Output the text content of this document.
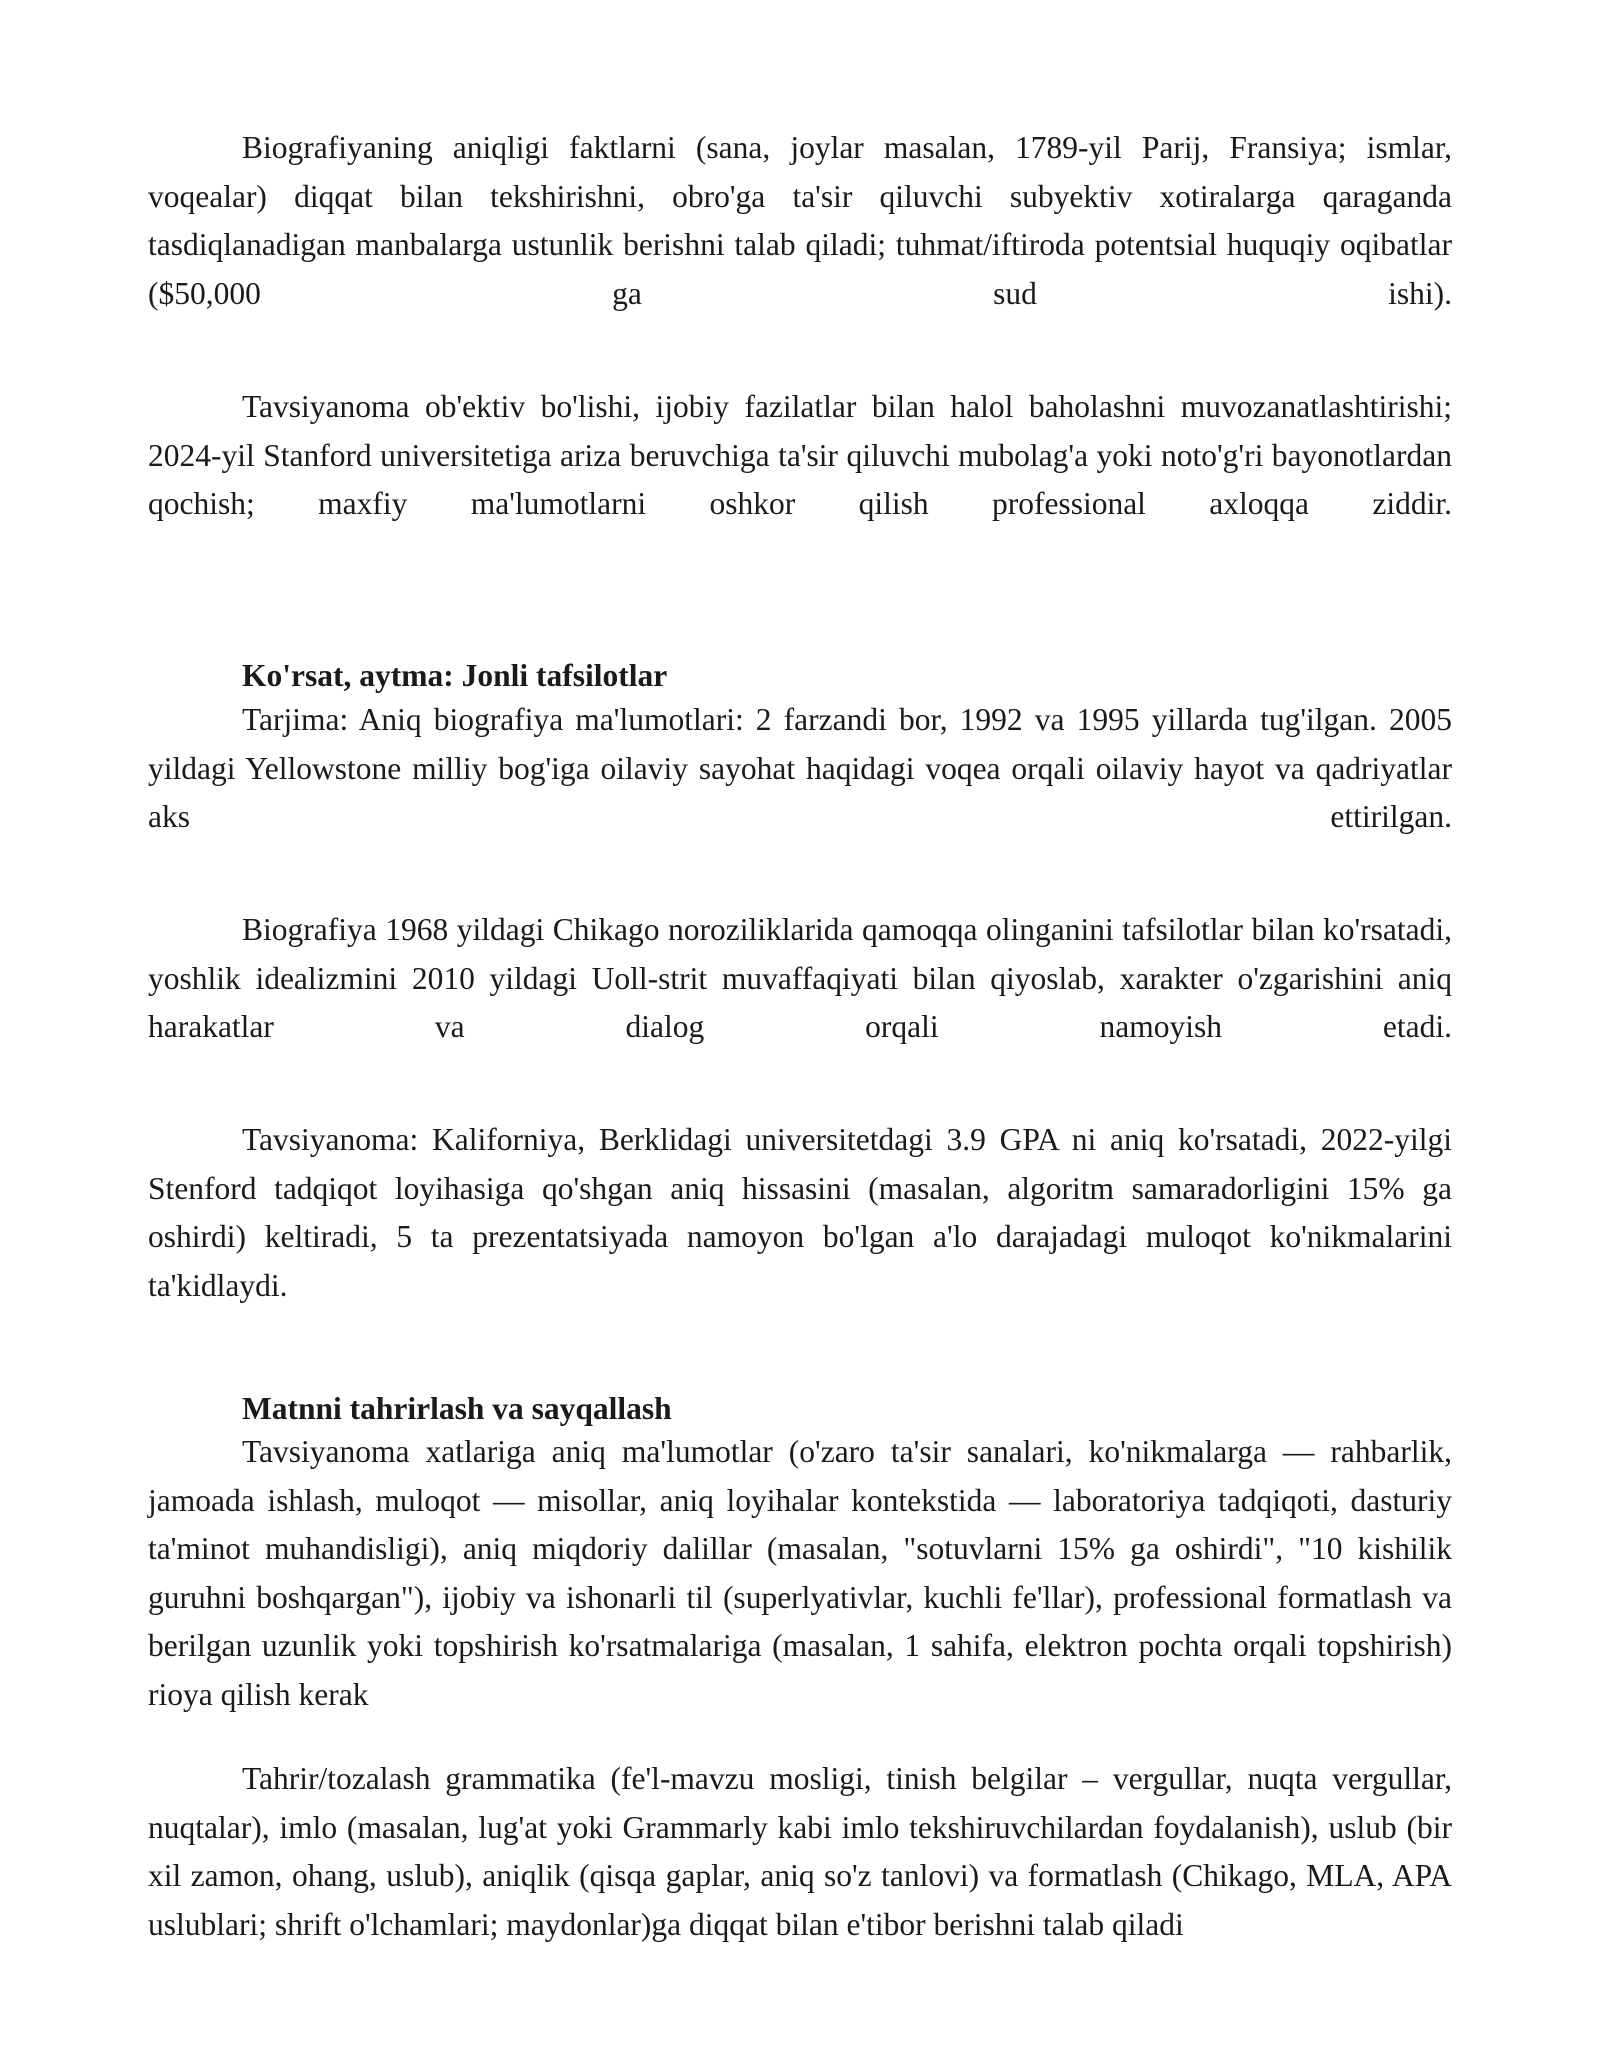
Biografiyaning aniqligi faktlarni (sana, joylar masalan, 1789-yil Parij, Fransiya; ismlar, voqealar) diqqat bilan tekshirishni, obro'ga ta'sir qiluvchi subyektiv xotiralarga qaraganda tasdiqlanadigan manbalarga ustunlik berishni talab qiladi; tuhmat/iftiroda potentsial huquqiy oqibatlar ($50,000 ga sud ishi).

Tavsiyanoma ob'ektiv bo'lishi, ijobiy fazilatlar bilan halol baholashni muvozanatlashtirishi; 2024-yil Stanford universitetiga ariza beruvchiga ta'sir qiluvchi mubolag'a yoki noto'g'ri bayonotlardan qochish; maxfiy ma'lumotlarni oshkor qilish professional axloqqa ziddir.

Ko'rsat, aytma: Jonli tafsilotlar

Tarjima: Aniq biografiya ma'lumotlari: 2 farzandi bor, 1992 va 1995 yillarda tug'ilgan. 2005 yildagi Yellowstone milliy bog'iga oilaviy sayohat haqidagi voqea orqali oilaviy hayot va qadriyatlar aks ettirilgan.

Biografiya 1968 yildagi Chikago noroziliklarida qamoqqa olinganini tafsilotlar bilan ko'rsatadi, yoshlik idealizmini 2010 yildagi Uoll-strit muvaffaqiyati bilan qiyoslab, xarakter o'zgarishini aniq harakatlar va dialog orqali namoyish etadi.

Tavsiyanoma: Kaliforniya, Berklidagi universitetdagi 3.9 GPA ni aniq ko'rsatadi, 2022-yilgi Stenford tadqiqot loyihasiga qo'shgan aniq hissasini (masalan, algoritm samaradorligini 15% ga oshirdi) keltiradi, 5 ta prezentatsiyada namoyon bo'lgan a'lo darajadagi muloqot ko'nikmalarini ta'kidlaydi.

Matnni tahrirlash va sayqallash

Tavsiyanoma xatlariga aniq ma'lumotlar (o'zaro ta'sir sanalari, ko'nikmalarga — rahbarlik, jamoada ishlash, muloqot — misollar, aniq loyihalar kontekstida — laboratoriya tadqiqoti, dasturiy ta'minot muhandisligi), aniq miqdoriy dalillar (masalan, "sotuvlarni 15% ga oshirdi", "10 kishilik guruhni boshqargan"), ijobiy va ishonarli til (superlyativlar, kuchli fe'llar), professional formatlash va berilgan uzunlik yoki topshirish ko'rsatmalariga (masalan, 1 sahifa, elektron pochta orqali topshirish) rioya qilish kerak

Tahrir/tozalash grammatika (fe'l-mavzu mosligi, tinish belgilar – vergullar, nuqta vergullar, nuqtalar), imlo (masalan, lug'at yoki Grammarly kabi imlo tekshiruvchilardan foydalanish), uslub (bir xil zamon, ohang, uslub), aniqlik (qisqa gaplar, aniq so'z tanlovi) va formatlash (Chikago, MLA, APA uslublari; shrift o'lchamlari; maydonlar)ga diqqat bilan e'tibor berishni talab qiladi
